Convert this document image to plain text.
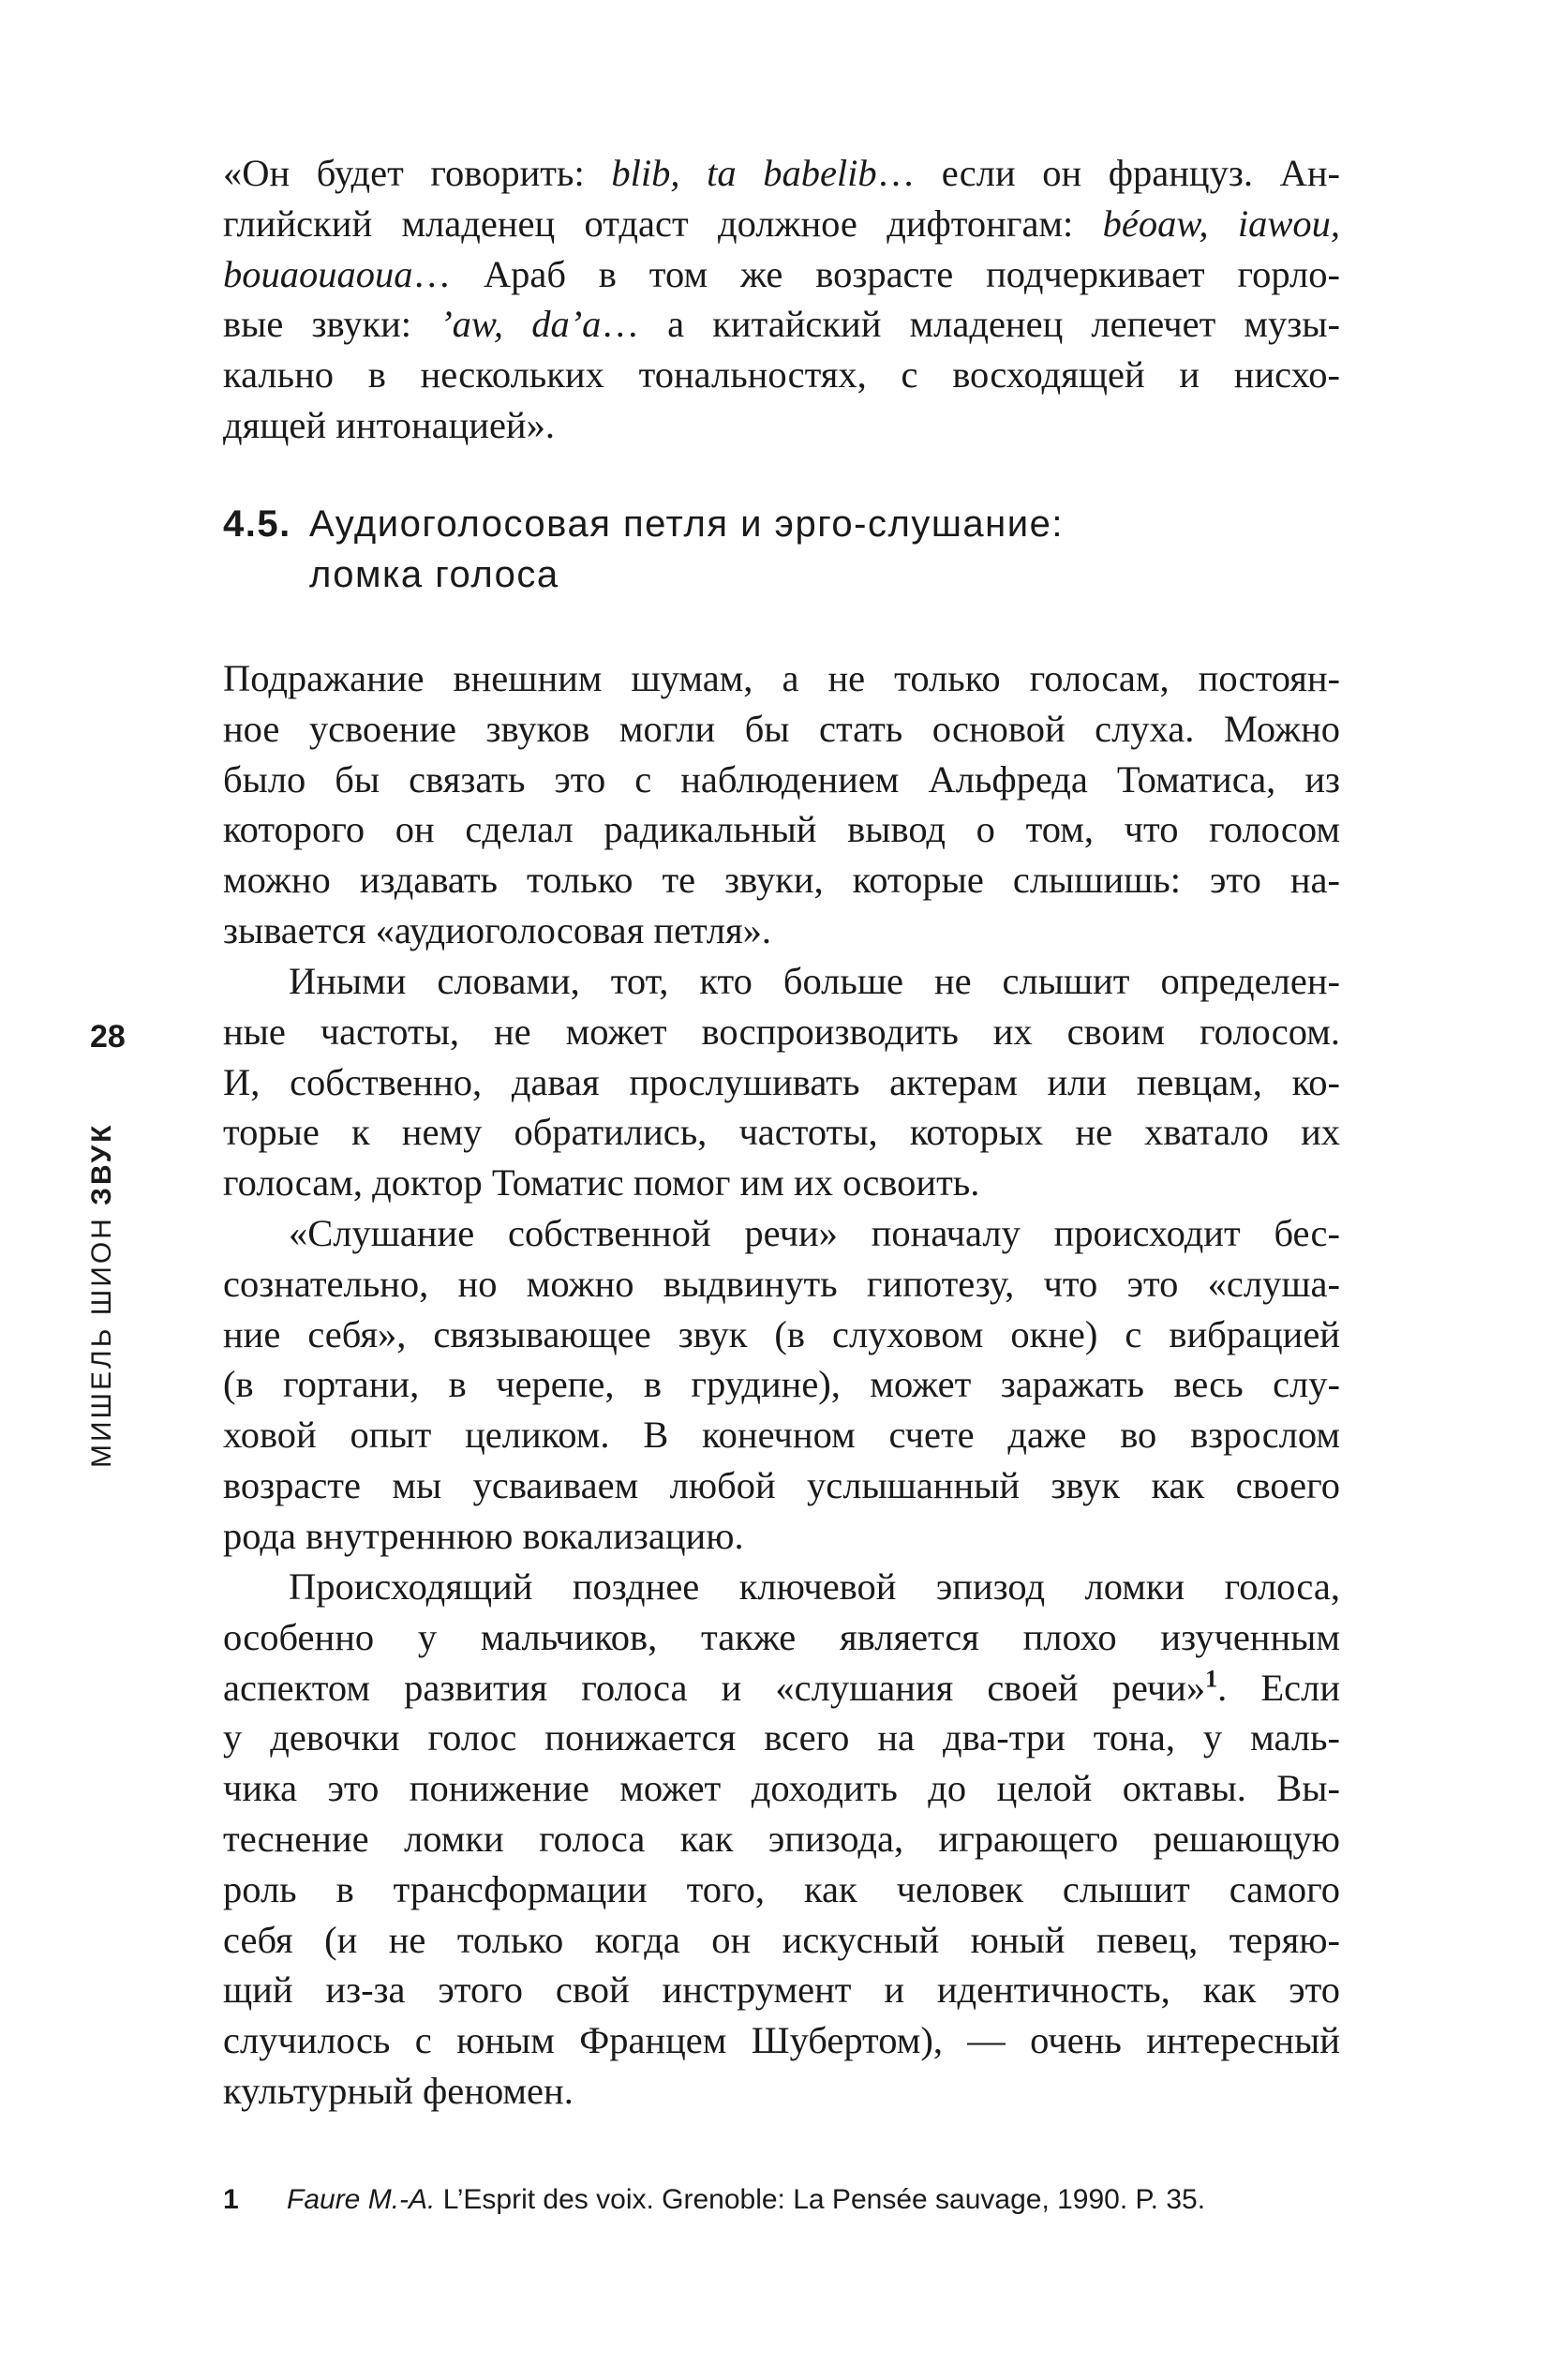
«Он будет говорить: blib, ta babelib… если он француз. Ан-
глийский младенец отдаст должное дифтонгам: béoaw, iawou,
bouaouaoua… Араб в том же возрасте подчеркивает горло-
вые звуки: ’aw, da’a… а китайский младенец лепечет музы-
кально в нескольких тональностях, с восходящей и нисхо-
дящей интонацией».
4.5. Аудиоголосовая петля и эрго-слушание:
ломка голоса
Подражание внешним шумам, а не только голосам, постоян-
ное усвоение звуков могли бы стать основой слуха. Можно
было бы связать это с наблюдением Альфреда Томатиса, из
которого он сделал радикальный вывод о том, что голосом
можно издавать только те звуки, которые слышишь: это на-
зывается «аудиоголосовая петля».
Иными словами, тот, кто больше не слышит определен-
ные частоты, не может воспроизводить их своим голосом.
И, собственно, давая прослушивать актерам или певцам, ко-
торые к нему обратились, частоты, которых не хватало их
голосам, доктор Томатис помог им их освоить.
«Слушание собственной речи» поначалу происходит бес-
сознательно, но можно выдвинуть гипотезу, что это «слуша-
ние себя», связывающее звук (в слуховом окне) с вибрацией
(в гортани, в черепе, в грудине), может заражать весь слу-
ховой опыт целиком. В конечном счете даже во взрослом
возрасте мы усваиваем любой услышанный звук как своего
рода внутреннюю вокализацию.
Происходящий позднее ключевой эпизод ломки голоса,
особенно у мальчиков, также является плохо изученным
аспектом развития голоса и «слушания своей речи»$^1$. Если
у девочки голос понижается всего на два-три тона, у маль-
чика это понижение может доходить до целой октавы. Вы-
теснение ломки голоса как эпизода, играющего решающую
роль в трансформации того, как человек слышит самого
себя (и не только когда он искусный юный певец, теряю-
щий из-за этого свой инструмент и идентичность, как это
случилось с юным Францем Шубертом), — очень интересный
культурный феномен.
28
МИШЕЛЬ ШИОН ЗВУК
1 Faure M.-A. L’Esprit des voix. Grenoble: La Pensée sauvage, 1990. P. 35.
